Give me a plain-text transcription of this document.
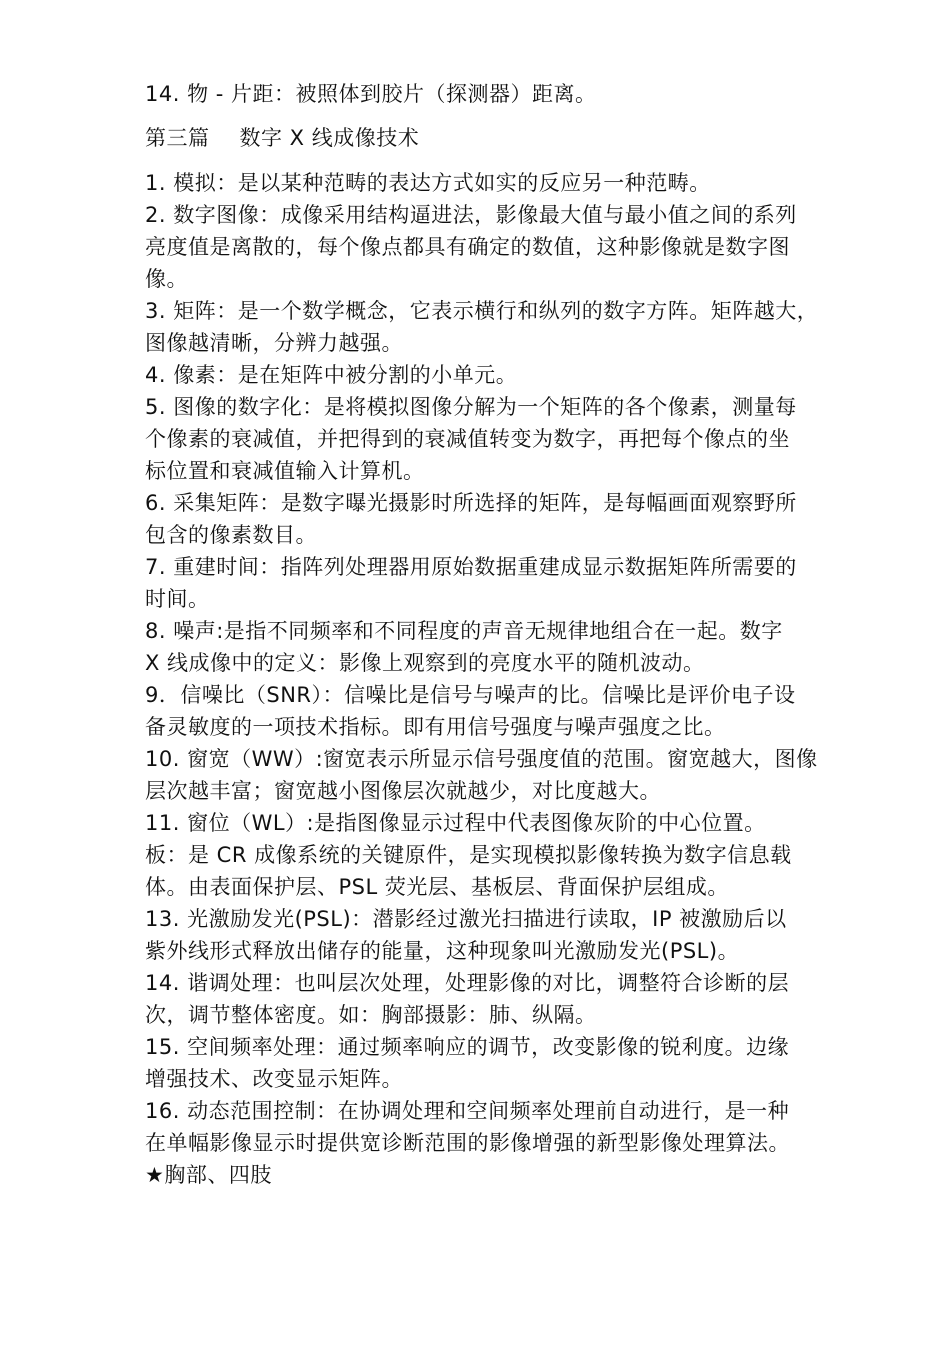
14. 物 - 片距：被照体到胶片（探测器）距离。
第三篇 数字 X 线成像技术
1. 模拟：是以某种范畴的表达方式如实的反应另一种范畴。
2. 数字图像：成像采用结构逼进法，影像最大值与最小值之间的系列
亮度值是离散的，每个像点都具有确定的数值，这种影像就是数字图
像。
3. 矩阵：是一个数学概念，它表示横行和纵列的数字方阵。矩阵越大，
图像越清晰，分辨力越强。
4. 像素：是在矩阵中被分割的小单元。
5. 图像的数字化：是将模拟图像分解为一个矩阵的各个像素，测量每
个像素的衰减值，并把得到的衰减值转变为数字，再把每个像点的坐
标位置和衰减值输入计算机。
6. 采集矩阵：是数字曝光摄影时所选择的矩阵，是每幅画面观察野所
包含的像素数目。
7. 重建时间：指阵列处理器用原始数据重建成显示数据矩阵所需要的
时间。
8. 噪声:是指不同频率和不同程度的声音无规律地组合在一起。数字
X 线成像中的定义：影像上观察到的亮度水平的随机波动。
9．信噪比（SNR）：信噪比是信号与噪声的比。信噪比是评价电子设
备灵敏度的一项技术指标。即有用信号强度与噪声强度之比。
10. 窗宽（WW）:窗宽表示所显示信号强度值的范围。窗宽越大，图像
层次越丰富；窗宽越小图像层次就越少，对比度越大。
11. 窗位（WL）:是指图像显示过程中代表图像灰阶的中心位置。
板：是 CR 成像系统的关键原件，是实现模拟影像转换为数字信息载
体。由表面保护层、PSL 荧光层、基板层、背面保护层组成。
13. 光激励发光(PSL)：潜影经过激光扫描进行读取，IP 被激励后以
紫外线形式释放出储存的能量，这种现象叫光激励发光(PSL)。
14. 谐调处理：也叫层次处理，处理影像的对比，调整符合诊断的层
次，调节整体密度。如：胸部摄影：肺、纵隔。
15. 空间频率处理：通过频率响应的调节，改变影像的锐利度。边缘
增强技术、改变显示矩阵。
16. 动态范围控制：在协调处理和空间频率处理前自动进行，是一种
在单幅影像显示时提供宽诊断范围的影像增强的新型影像处理算法。
★胸部、四肢
